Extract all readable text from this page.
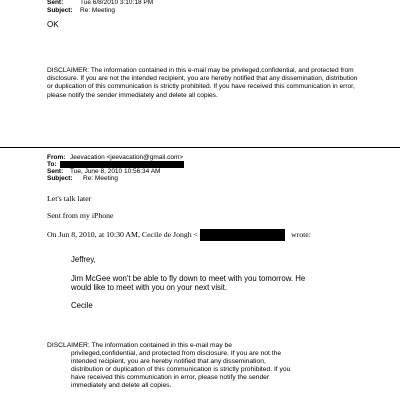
Sent:	Tue 6/8/2010 3:10:18 PM
Subject: Re: Meeting
OK
DISCLAIMER: The information contained in this e-mail may be privileged,confidential, and protected from disclosure. If you are not the intended recipient, you are hereby notified that any dissemination, distribution or duplication of this communication is strictly prohibited. If you have received this communication in error, please notify the sender immediately and delete all copies.
From: Jeevacation <jeevacation@gmail.com>
To:
Sent: Tue, June 8, 2010 10:56:34 AM
Subject: Re: Meeting
Let's talk later
Sent from my iPhone
On Jun 8, 2010, at 10:30 AM, Cecile de Jongh <	wrote:
Jeffrey,
Jim McGee won't be able to fly down to meet with you tomorrow. He
would like to meet with you on your next visit.
Cecile
DISCLAIMER: The information contained in this e-mail may be
privileged,confidential, and protected from disclosure. If you are not the
intended recipient, you are hereby notified that any dissemination,
distribution or duplication of this communication is strictly prohibited. If you
have received this communication in error, please notify the sender
immediately and delete all copies.
